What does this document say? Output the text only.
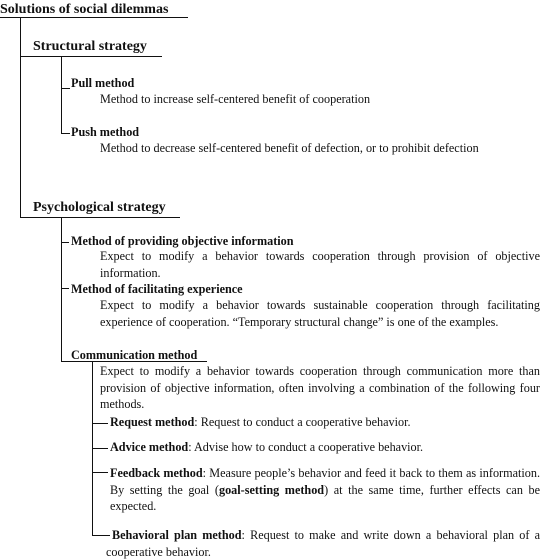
Solutions of social dilemmas
Structural strategy
Pull method
Method to increase self-centered benefit of cooperation
Push method
Method to decrease self-centered benefit of defection, or to prohibit defection
Psychological strategy
Method of providing objective information
Expect to modify a behavior towards cooperation through provision of objective information.
Method of facilitating experience
Expect to modify a behavior towards sustainable cooperation through facilitating experience of cooperation. “Temporary structural change” is one of the examples.
Communication method
Expect to modify a behavior towards cooperation through communication more than provision of objective information, often involving a combination of the following four methods.
Request method: Request to conduct a cooperative behavior.
Advice method: Advise how to conduct a cooperative behavior.
Feedback method: Measure people’s behavior and feed it back to them as information. By setting the goal (goal-setting method) at the same time, further effects can be expected.
Behavioral plan method: Request to make and write down a behavioral plan of a cooperative behavior.
